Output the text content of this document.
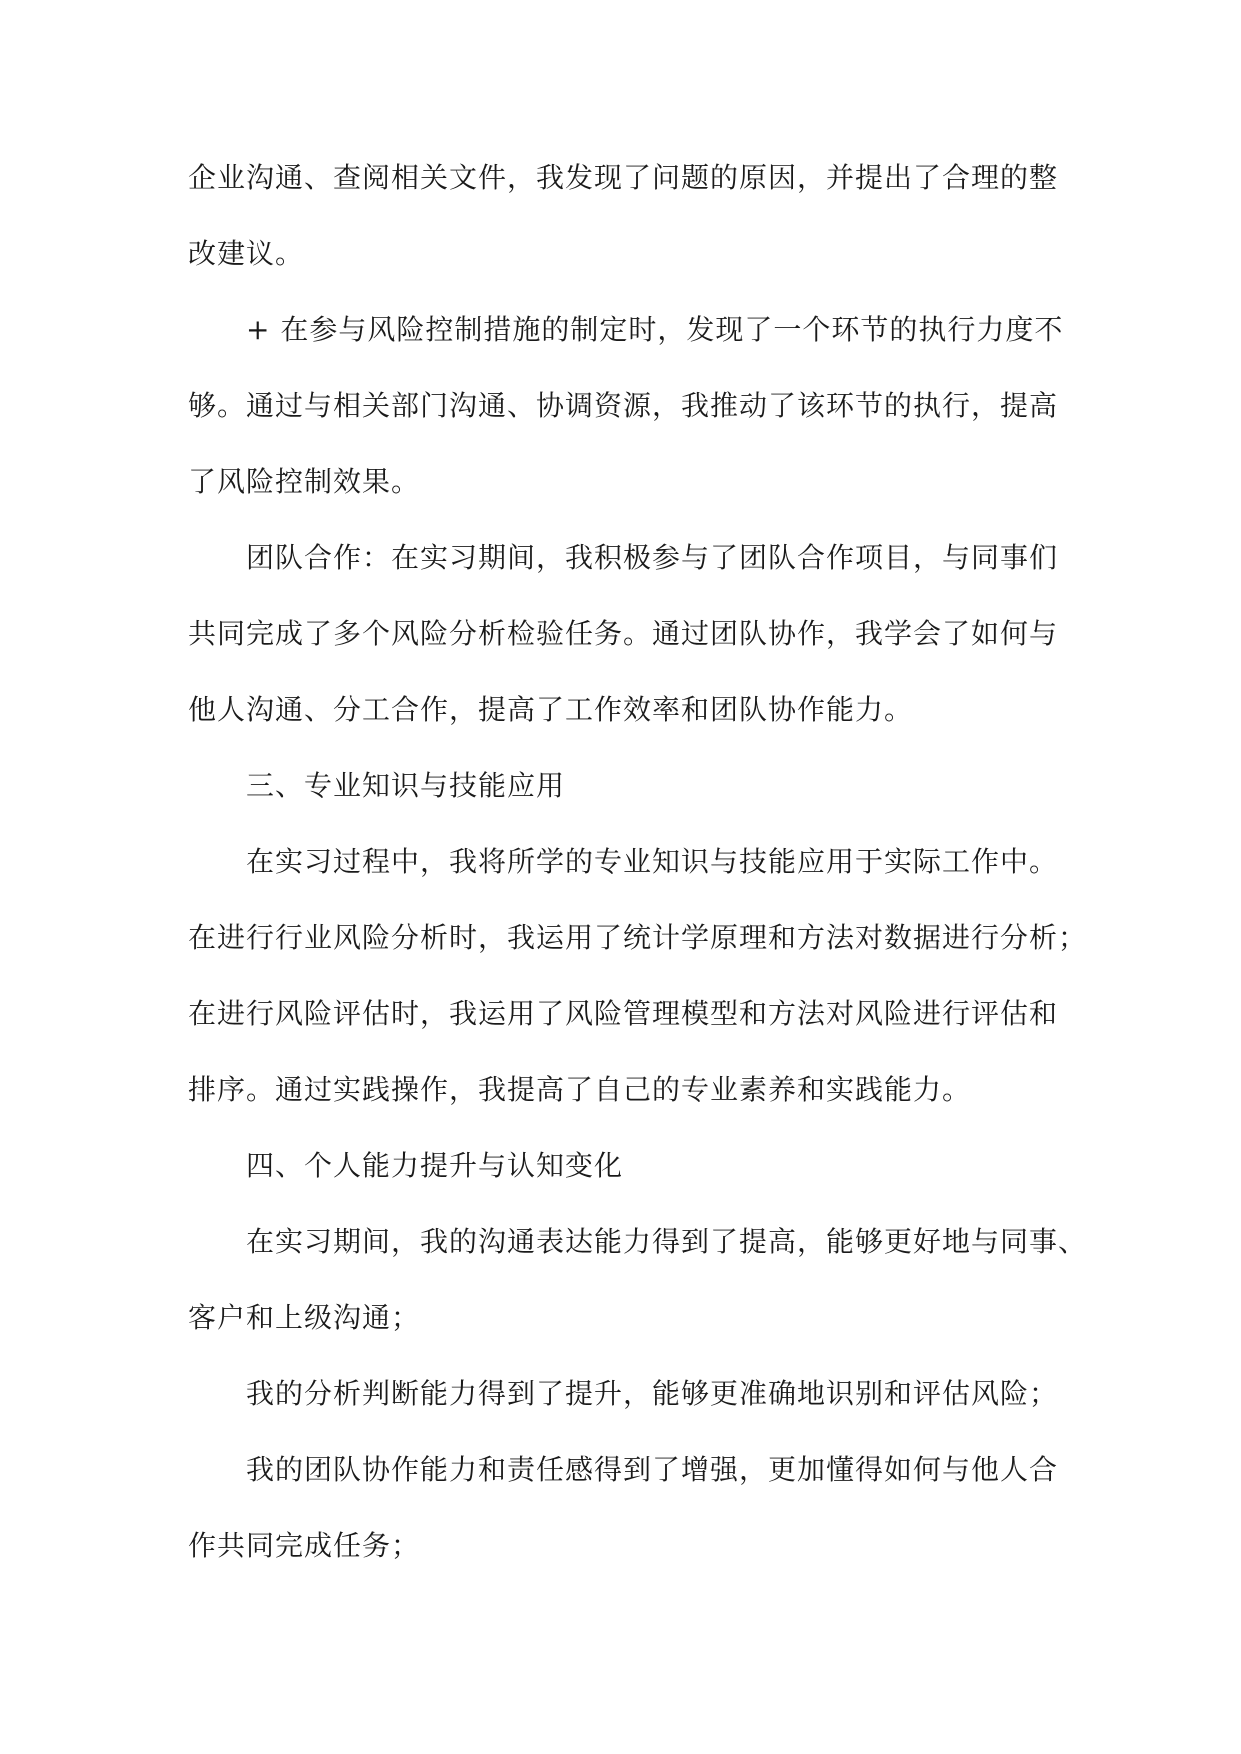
企业沟通、查阅相关文件，我发现了问题的原因，并提出了合理的整

改建议。

+ 在参与风险控制措施的制定时，发现了一个环节的执行力度不

够。通过与相关部门沟通、协调资源，我推动了该环节的执行，提高

了风险控制效果。

团队合作：在实习期间，我积极参与了团队合作项目，与同事们

共同完成了多个风险分析检验任务。通过团队协作，我学会了如何与

他人沟通、分工合作，提高了工作效率和团队协作能力。

三、专业知识与技能应用

在实习过程中，我将所学的专业知识与技能应用于实际工作中。

在进行行业风险分析时，我运用了统计学原理和方法对数据进行分析；

在进行风险评估时，我运用了风险管理模型和方法对风险进行评估和

排序。通过实践操作，我提高了自己的专业素养和实践能力。

四、个人能力提升与认知变化

在实习期间，我的沟通表达能力得到了提高，能够更好地与同事、

客户和上级沟通；

我的分析判断能力得到了提升，能够更准确地识别和评估风险；

我的团队协作能力和责任感得到了增强，更加懂得如何与他人合

作共同完成任务；
